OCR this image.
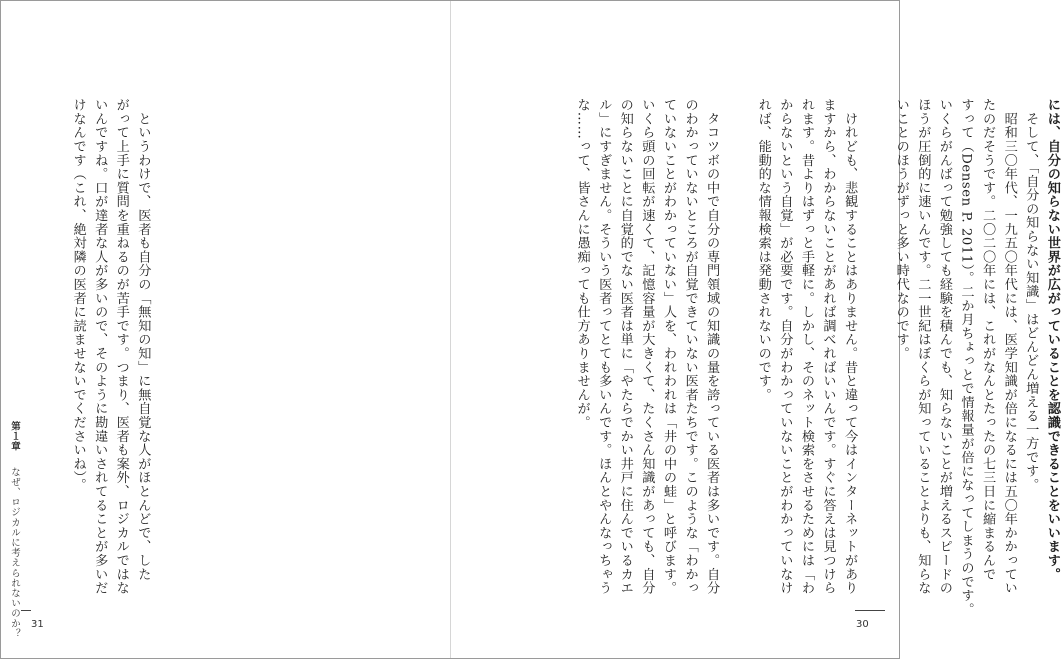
には、自分の知らない世界が広がっていることを認識できることをいいます。

　そして、「自分の知らない知識」はどんどん増える一方です。

　昭和三〇年代、一九五〇年代には、医学知識が倍になるには五〇年かかってい

たのだそうです。二〇二〇年には、これがなんとたったの七三日に縮まるんで

すって（Densen P. 2011）。二か月ちょっとで情報量が倍になってしまうのです。

いくらがんばって勉強しても経験を積んでも、知らないことが増えるスピードの

ほうが圧倒的に速いんです。二一世紀はぼくらが知っていることよりも、知らな

いことのほうがずっと多い時代なのです。

　けれども、悲観することはありません。昔と違って今はインターネットがあり

ますから、わからないことがあれば調べればいいんです。すぐに答えは見つけら

れます。昔よりはずっと手軽に。しかし、そのネット検索をさせるためには「わ

からないという自覚」が必要です。自分がわかっていないことがわかっていなけ

れば、能動的な情報検索は発動されないのです。

　タコツボの中で自分の専門領域の知識の量を誇っている医者は多いです。自分

のわかっていないところが自覚できていない医者たちです。このような「わかっ

ていないことがわかっていない」人を、われわれは「井の中の蛙」と呼びます。

いくら頭の回転が速くて、記憶容量が大きくて、たくさん知識があっても、自分

の知らないことに自覚的でない医者は単に「やたらでかい井戸に住んでいるカエ

ル」にすぎません。そういう医者ってとても多いんです。ほんとやんなっちゃう

な……って、皆さんに愚痴っても仕方ありませんが。

　というわけで、医者も自分の「無知の知」に無自覚な人がほとんどで、した

がって上手に質問を重ねるのが苦手です。つまり、医者も案外、ロジカルではな

いんですね。口が達者な人が多いので、そのように勘違いされてることが多いだ

けなんです（これ、絶対隣の医者に読ませないでくださいね）。

第１章 なぜ、ロジカルに考えられないのか？ 31	30
